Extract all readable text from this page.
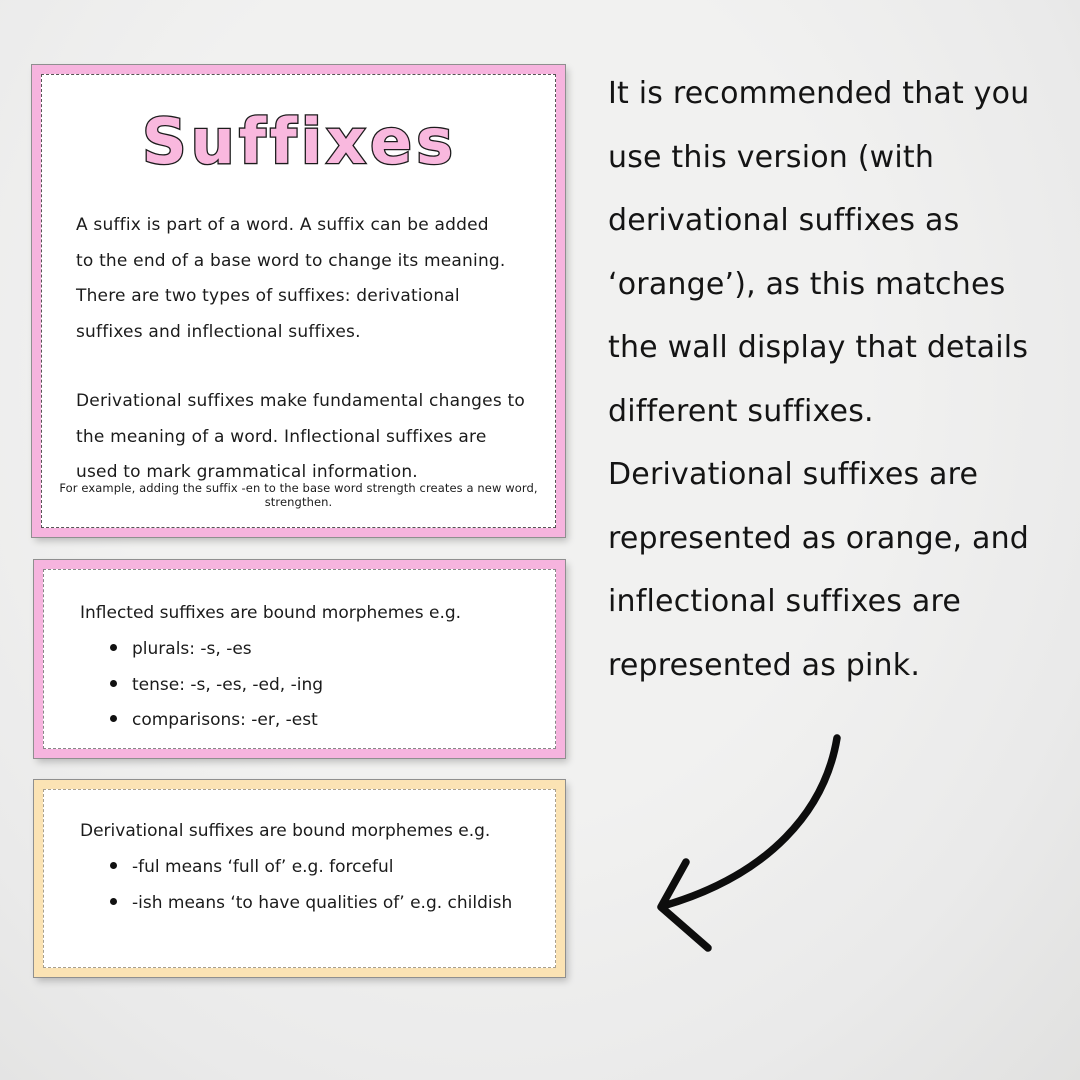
Suffixes
A suffix is part of a word. A suffix can be added
to the end of a base word to change its meaning.
There are two types of suffixes: derivational
suffixes and inflectional suffixes.
Derivational suffixes make fundamental changes to
the meaning of a word. Inflectional suffixes are
used to mark grammatical information.
For example, adding the suffix -en to the base word strength creates a new word, strengthen.
Inflected suffixes are bound morphemes e.g.
plurals: -s, -es
tense: -s, -es, -ed, -ing
comparisons: -er, -est
Derivational suffixes are bound morphemes e.g.
-ful means ‘full of’ e.g. forceful
-ish means ‘to have qualities of’ e.g. childish
It is recommended that you
use this version (with
derivational suffixes as
‘orange’), as this matches
the wall display that details
different suffixes.
Derivational suffixes are
represented as orange, and
inflectional suffixes are
represented as pink.
